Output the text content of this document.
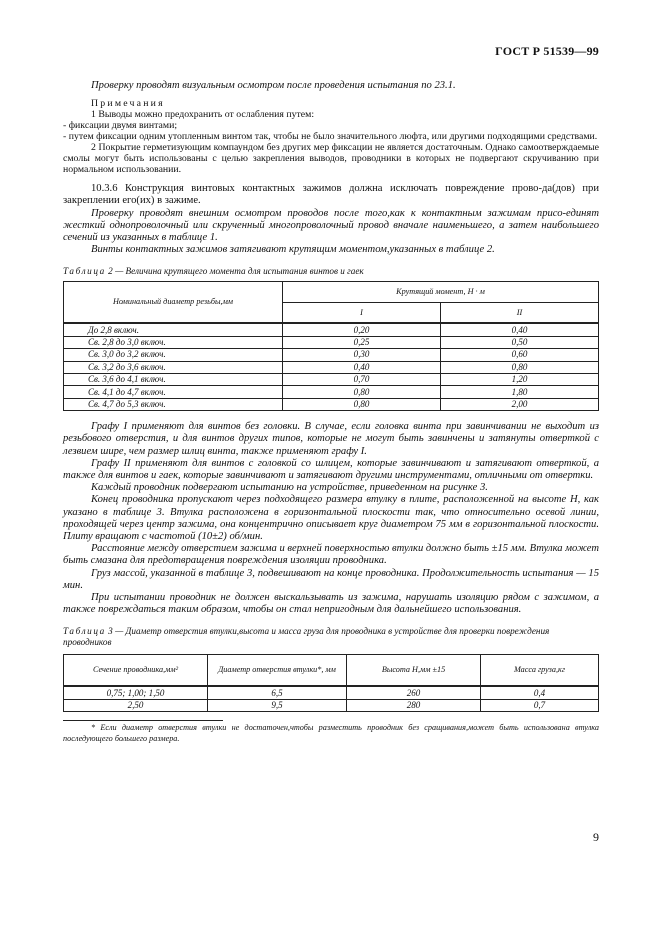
ГОСТ Р 51539—99

Проверку проводят визуальным осмотром после проведения испытания по 23.1.

Примечания

1 Выводы можно предохранить от ослабления путем:

- фиксации двумя винтами;

- путем фиксации одним утопленным винтом так, чтобы не было значительного люфта, или другими подходящими средствами.

2 Покрытие герметизующим компаундом без других мер фиксации не является достаточным. Однако самоотверждаемые смолы могут быть использованы с целью закрепления выводов, проводники в которых не подвергают скручиванию при нормальном использовании.

10.3.6 Конструкция винтовых контактных зажимов должна исключать повреждение прово-да(дов) при закреплении его(их) в зажиме.

Проверку проводят внешним осмотром проводов после того,как к контактным зажимам присо-единят жесткий однопроволочный или скрученный многопроволочный провод вначале наименьшего, а затем наибольшего сечений из указанных в таблице 1.

Винты контактных зажимов затягивают крутящим моментом,указанных в таблице 2.

Таблица 2 — Величина крутящего момента для испытания винтов и гаек

Номинальный диаметр резьбы,мм	Крутящий момент, Н · м	
	I	II
До 2,8 включ.	0,20	0,40
Св. 2,8 до 3,0 включ.	0,25	0,50
Св. 3,0 до 3,2 включ.	0,30	0,60
Св. 3,2 до 3,6 включ.	0,40	0,80
Св. 3,6 до 4,1 включ.	0,70	1,20
Св. 4,1 до 4,7 включ.	0,80	1,80
Св. 4,7 до 5,3 включ.	0,80	2,00

Графу I применяют для винтов без головки. В случае, если головка винта при завинчивании не выходит из резьбового отверстия, и для винтов других типов, которые не могут быть завинчены и затянуты отверткой с лезвием шире, чем размер шлиц винта, также применяют графу I.

Графу II применяют для винтов с головкой со шлицем, которые завинчивают и затягивают отверткой, а также для винтов и гаек, которые завинчивают и затягивают другими инструментами, отличными от отвертки.

Каждый проводник подвергают испытанию на устройстве, приведенном на рисунке 3.

Конец проводника пропускают через подходящего размера втулку в плите, расположенной на высоте H, как указано в таблице 3. Втулка расположена в горизонтальной плоскости так, что относительно осевой линии, проходящей через центр зажима, она концентрично описывает круг диаметром 75 мм в горизонтальной плоскости. Плиту вращают с частотой (10±2) об/мин.

Расстояние между отверстием зажима и верхней поверхностью втулки должно быть ±15 мм. Втулка может быть смазана для предотвращения повреждения изоляции проводника.

Груз массой, указанной в таблице 3, подвешивают на конце проводника. Продолжительность испытания — 15 мин.

При испытании проводник не должен выскальзывать из зажима, нарушать изоляцию рядом с зажимом, а также повреждаться таким образом, чтобы он стал непригодным для дальнейшего использования.

Таблица 3 — Диаметр отверстия втулки,высота и масса груза для проводника в устройстве для проверки повреждения проводников

Сечение проводника,мм²	Диаметр отверстия втулки*, мм	Высота H,мм ±15	Масса груза,кг
0,75; 1,00; 1,50	6,5	260	0,4
2,50	9,5	280	0,7

* Если диаметр отверстия втулки не достаточен,чтобы разместить проводник без сращивания,может быть использована втулка последующего большего размера.

9
